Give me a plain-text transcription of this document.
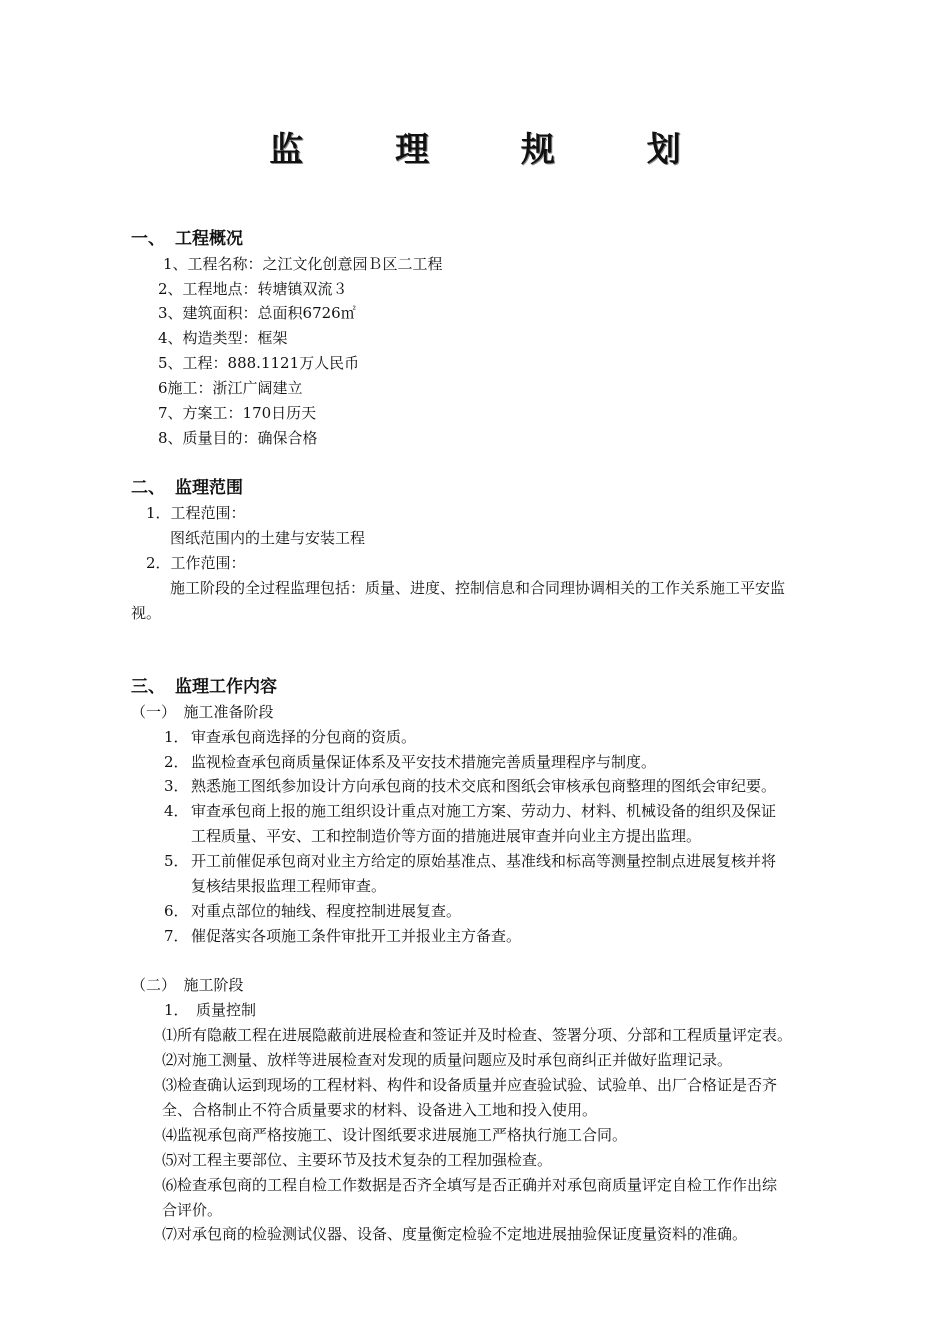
监 理 规 划
一、 工程概况
1、工程名称：之江文化创意园Ｂ区二工程
2、工程地点：转塘镇双流３
3、建筑面积：总面积6726㎡
4、构造类型：框架
5、工程：888.1121万人民币
6施工：浙江广阔建立
7、方案工：170日历天
8、质量目的：确保合格
二、 监理范围
1．工程范围：
图纸范围内的土建与安装工程
2．工作范围：
施工阶段的全过程监理包括：质量、进度、控制信息和合同理协调相关的工作关系施工平安监
视。
三、 监理工作内容
（一）　施工准备阶段
1． 审查承包商选择的分包商的资质。
2． 监视检查承包商质量保证体系及平安技术措施完善质量理程序与制度。
3． 熟悉施工图纸参加设计方向承包商的技术交底和图纸会审核承包商整理的图纸会审纪要。
4． 审查承包商上报的施工组织设计重点对施工方案、劳动力、材料、机械设备的组织及保证
工程质量、平安、工和控制造价等方面的措施进展审查并向业主方提出监理。
5． 开工前催促承包商对业主方给定的原始基准点、基准线和标高等测量控制点进展复核并将
复核结果报监理工程师审查。
6． 对重点部位的轴线、程度控制进展复查。
7． 催促落实各项施工条件审批开工并报业主方备查。
（二）　施工阶段
1．　质量控制
⑴所有隐蔽工程在进展隐蔽前进展检查和签证并及时检查、签署分项、分部和工程质量评定表。
⑵对施工测量、放样等进展检查对发现的质量问题应及时承包商纠正并做好监理记录。
⑶检查确认运到现场的工程材料、构件和设备质量并应查验试验、试验单、出厂合格证是否齐
全、合格制止不符合质量要求的材料、设备进入工地和投入使用。
⑷监视承包商严格按施工、设计图纸要求进展施工严格执行施工合同。
⑸对工程主要部位、主要环节及技术复杂的工程加强检查。
⑹检查承包商的工程自检工作数据是否齐全填写是否正确并对承包商质量评定自检工作作出综
合评价。
⑺对承包商的检验测试仪器、设备、度量衡定检验不定地进展抽验保证度量资料的准确。
